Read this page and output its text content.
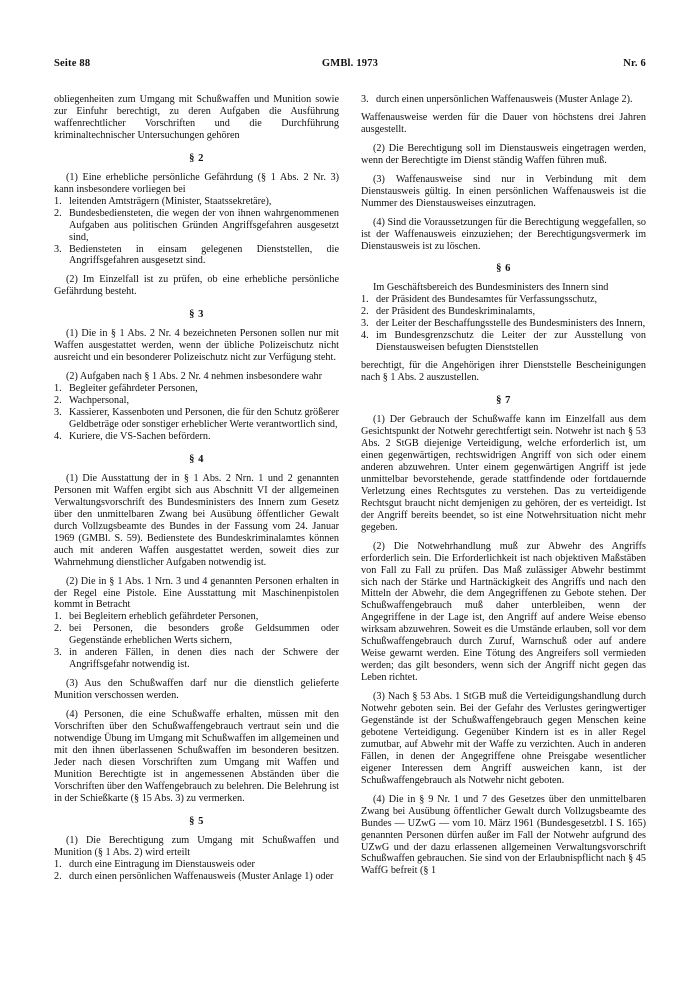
Seite 88	Nr. 6
GMBl. 1973

obliegenheiten zum Umgang mit Schußwaffen und Munition sowie zur Einfuhr berechtigt, zu deren Aufgaben die Ausführung waffenrechtlicher Vorschriften und die Durchführung kriminaltechnischer Untersuchungen gehören

§ 2

(1) Eine erhebliche persönliche Gefährdung (§ 1 Abs. 2 Nr. 3) kann insbesondere vorliegen bei

1. leitenden Amtsträgern (Minister, Staatssekretäre),
2. Bundesbediensteten, die wegen der von ihnen wahrgenommenen Aufgaben aus politischen Gründen Angriffsgefahren ausgesetzt sind,
3. Bediensteten in einsam gelegenen Dienststellen, die Angriffsgefahren ausgesetzt sind.

(2) Im Einzelfall ist zu prüfen, ob eine erhebliche persönliche Gefährdung besteht.

§ 3

(1) Die in § 1 Abs. 2 Nr. 4 bezeichneten Personen sollen nur mit Waffen ausgestattet werden, wenn der übliche Polizeischutz nicht ausreicht und ein besonderer Polizeischutz nicht zur Verfügung steht.

(2) Aufgaben nach § 1 Abs. 2 Nr. 4 nehmen insbesondere wahr

1. Begleiter gefährdeter Personen,
2. Wachpersonal,
3. Kassierer, Kassenboten und Personen, die für den Schutz größerer Geldbeträge oder sonstiger erheblicher Werte verantwortlich sind,
4. Kuriere, die VS-Sachen befördern.
§ 4

(1) Die Ausstattung der in § 1 Abs. 2 Nrn. 1 und 2 genannten Personen mit Waffen ergibt sich aus Abschnitt VI der allgemeinen Verwaltungsvorschrift des Bundesministers des Innern zum Gesetz über den unmittelbaren Zwang bei Ausübung öffentlicher Gewalt durch Vollzugsbeamte des Bundes in der Fassung vom 24. Januar 1969 (GMBl. S. 59). Bedienstete des Bundeskriminalamtes können auch mit anderen Waffen ausgestattet werden, soweit dies zur Wahrnehmung dienstlicher Aufgaben notwendig ist.

(2) Die in § 1 Abs. 1 Nrn. 3 und 4 genannten Personen erhalten in der Regel eine Pistole. Eine Ausstattung mit Maschinenpistolen kommt in Betracht

1. bei Begleitern erheblich gefährdeter Personen,
2. bei Personen, die besonders große Geldsummen oder Gegenstände erheblichen Werts sichern,
3. in anderen Fällen, in denen dies nach der Schwere der Angriffsgefahr notwendig ist.

(3) Aus den Schußwaffen darf nur die dienstlich gelieferte Munition verschossen werden.

(4) Personen, die eine Schußwaffe erhalten, müssen mit den Vorschriften über den Schußwaffengebrauch vertraut sein und die notwendige Übung im Umgang mit Schußwaffen im allgemeinen und mit den ihnen überlassenen Schußwaffen im besonderen besitzen. Jeder nach diesen Vorschriften zum Umgang mit Waffen und Munition Berechtigte ist in angemessenen Abständen über die Vorschriften über den Waffengebrauch zu belehren. Die Belehrung ist in der Schießkarte (§ 15 Abs. 3) zu vermerken.

§ 5

(1) Die Berechtigung zum Umgang mit Schußwaffen und Munition (§ 1 Abs. 2) wird erteilt

1. durch eine Eintragung im Dienstausweis oder
2. durch einen persönlichen Waffenausweis (Muster Anlage 1) oder
3. durch einen unpersönlichen Waffenausweis (Muster Anlage 2).

Waffenausweise werden für die Dauer von höchstens drei Jahren ausgestellt.

(2) Die Berechtigung soll im Dienstausweis eingetragen werden, wenn der Berechtigte im Dienst ständig Waffen führen muß.

(3) Waffenausweise sind nur in Verbindung mit dem Dienstausweis gültig. In einen persönlichen Waffenausweis ist die Nummer des Dienstausweises einzutragen.

(4) Sind die Voraussetzungen für die Berechtigung weggefallen, so ist der Waffenausweis einzuziehen; der Berechtigungsvermerk im Dienstausweis ist zu löschen.

§ 6

Im Geschäftsbereich des Bundesministers des Innern sind

1. der Präsident des Bundesamtes für Verfassungsschutz,
2. der Präsident des Bundeskriminalamts,
3. der Leiter der Beschaffungsstelle des Bundesministers des Innern,
4. im Bundesgrenzschutz die Leiter der zur Ausstellung von Dienstausweisen befugten Dienststellen

berechtigt, für die Angehörigen ihrer Dienststelle Bescheinigungen nach § 1 Abs. 2 auszustellen.

§ 7

(1) Der Gebrauch der Schußwaffe kann im Einzelfall aus dem Gesichtspunkt der Notwehr gerechtfertigt sein. Notwehr ist nach § 53 Abs. 2 StGB diejenige Verteidigung, welche erforderlich ist, um einen gegenwärtigen, rechtswidrigen Angriff von sich oder einem anderen abzuwehren. Unter einem gegenwärtigen Angriff ist jede unmittelbar bevorstehende, gerade stattfindende oder fortdauernde Verletzung eines Rechtsgutes zu verstehen. Das zu verteidigende Rechtsgut braucht nicht demjenigen zu gehören, der es verteidigt. Ist der Angriff bereits beendet, so ist eine Notwehrsituation nicht mehr gegeben.

(2) Die Notwehrhandlung muß zur Abwehr des Angriffs erforderlich sein. Die Erforderlichkeit ist nach objektiven Maßstäben von Fall zu Fall zu prüfen. Das Maß zulässiger Abwehr bestimmt sich nach der Stärke und Hartnäckigkeit des Angriffs und nach den Mitteln der Abwehr, die dem Angegriffenen zu Gebote stehen. Der Schußwaffengebrauch muß daher unterbleiben, wenn der Angegriffene in der Lage ist, den Angriff auf andere Weise ebenso wirksam abzuwehren. Soweit es die Umstände erlauben, soll vor dem Schußwaffengebrauch durch Zuruf, Warnschuß oder auf andere Weise gewarnt werden. Eine Tötung des Angreifers soll vermieden werden; das gilt besonders, wenn sich der Angriff nicht gegen das Leben richtet.

(3) Nach § 53 Abs. 1 StGB muß die Verteidigungshandlung durch Notwehr geboten sein. Bei der Gefahr des Verlustes geringwertiger Gegenstände ist der Schußwaffengebrauch gegen Menschen keine gebotene Verteidigung. Gegenüber Kindern ist es in aller Regel zumutbar, auf Abwehr mit der Waffe zu verzichten. Auch in anderen Fällen, in denen der Angegriffene ohne Preisgabe wesentlicher eigener Interessen dem Angriff ausweichen kann, ist der Schußwaffengebrauch als Notwehr nicht geboten.

(4) Die in § 9 Nr. 1 und 7 des Gesetzes über den unmittelbaren Zwang bei Ausübung öffentlicher Gewalt durch Vollzugsbeamte des Bundes — UZwG — vom 10. März 1961 (Bundesgesetzbl. I S. 165) genannten Personen dürfen außer im Fall der Notwehr aufgrund des UZwG und der dazu erlassenen allgemeinen Verwaltungsvorschrift Schußwaffen gebrauchen. Sie sind von der Erlaubnispflicht nach § 45 WaffG befreit (§ 1
